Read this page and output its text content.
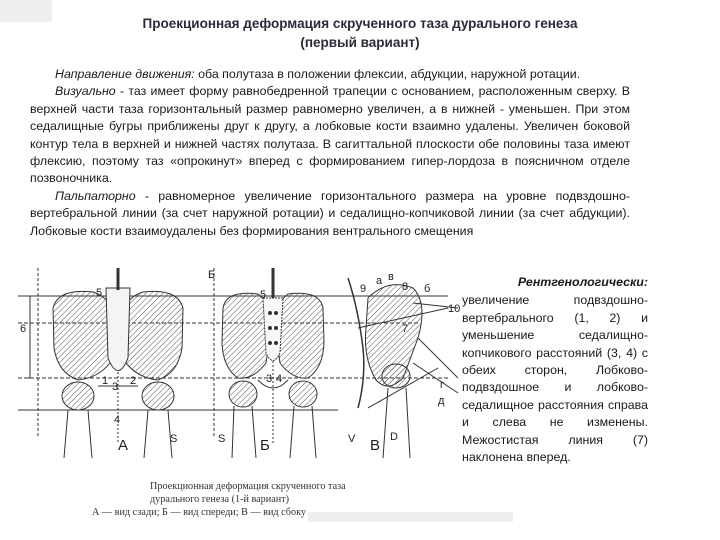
Проекционная деформация скрученного таза дурального генеза
(первый вариант)

Направление движения: оба полутаза в положении флексии, абдукции, наружной ротации.

Визуально - таз имеет форму равнобедренной трапеции с основанием, расположенным сверху. В верхней части таза горизонтальный размер равномерно увеличен, а в нижней - уменьшен. При этом седалищные бугры приближены друг к другу, а лобковые кости взаимно удалены. Увеличен боковой контур тела в верхней и нижней частях полутаза. В сагиттальной плоскости обе половины таза имеют флексию, поэтому таз «опрокинут» вперед с формированием гипер-лордоза в поясничном отделе позвоночника.

Пальпаторно - равномерное увеличение горизонтального размера на уровне подвздошно-вертебральной линии (за счет наружной ротации) и седалищно-копчиковой линии (за счет абдукции). Лобковые кости взаимоудалены без формирования вентрального смещения

6
5
Б
1 2
3
4
3 4
5	9
10
7
8
а в
б
г
д
А	S	S Б	V В D
Рентгенологически:
увеличение подвздошно-вертебрального (1, 2) и уменьшение седалищно-копчикового расстояний (3, 4) с обеих сторон, Лобково-подвздошное и лобково-седалищное расстояния справа и слева не изменены. Межостистая линия (7) наклонена вперед.
Проекционная деформация скрученного таза
дурального генеза (1-й вариант)
А — вид сзади; Б — вид спереди; В — вид сбоку
